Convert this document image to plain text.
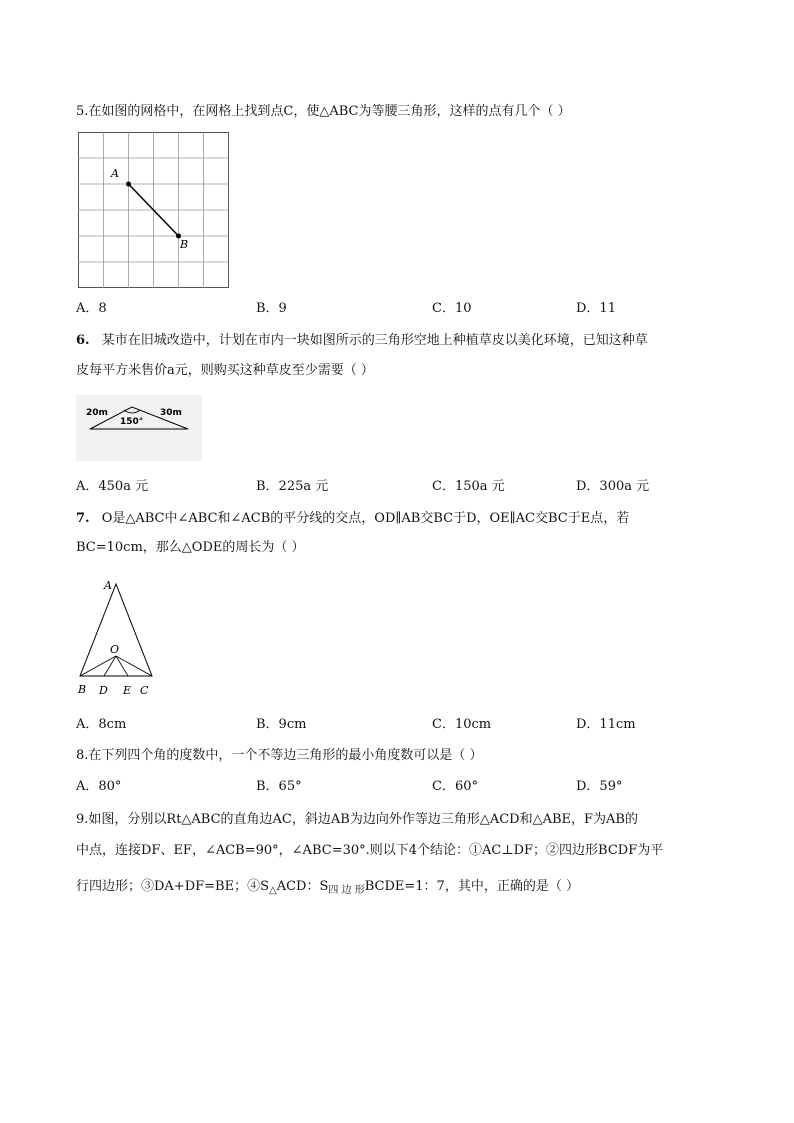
5.在如图的网格中，在网格上找到点C，使△ABC为等腰三角形，这样的点有几个（ ）
A
B
A．8	B．9	C．10	D．11
6. 某市在旧城改造中，计划在市内一块如图所示的三角形空地上种植草皮以美化环境，已知这种草
皮每平方米售价a元，则购买这种草皮至少需要（ ）
20m	30m
150°
A．450a 元	B．225a 元	C．150a 元	D．300a 元
7. O是△ABC中∠ABC和∠ACB的平分线的交点，OD∥AB交BC于D，OE∥AC交BC于E点，若
BC=10cm，那么△ODE的周长为（ ）
A
O
B D E C
A．8cm	B．9cm	C．10cm	D．11cm
8.在下列四个角的度数中，一个不等边三角形的最小角度数可以是（ ）
A．80°	B．65°	C．60°	D．59°
9.如图，分别以Rt△ABC的直角边AC，斜边AB为边向外作等边三角形△ACD和△ABE，F为AB的
中点，连接DF、EF，∠ACB=90°，∠ABC=30°.则以下4个结论：①AC⊥DF；②四边形BCDF为平
行四边形；③DA+DF=BE；$④S_\triangle ACD$：$S_{四 边 形}BCDE=1$：7，其中，正确的是（ ）
